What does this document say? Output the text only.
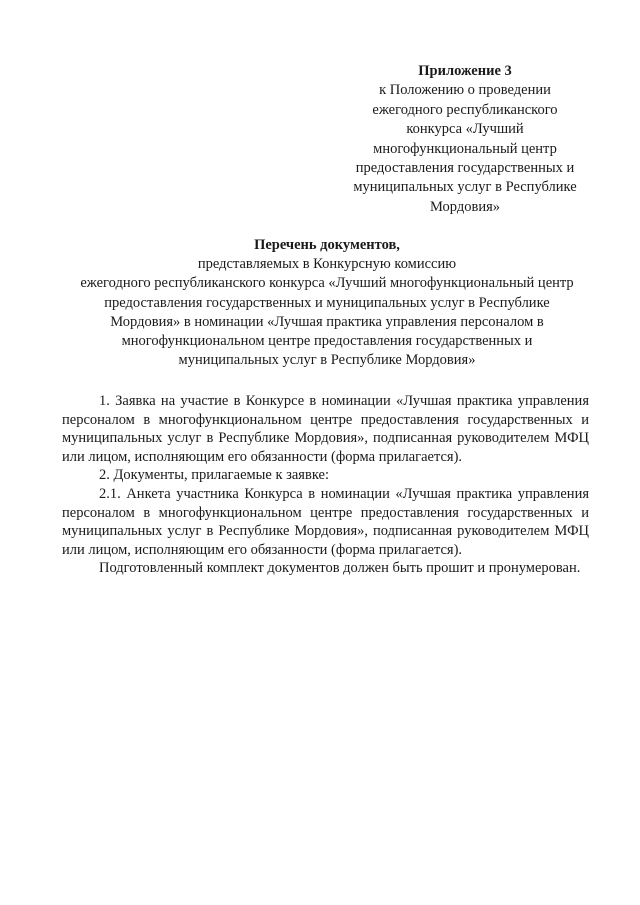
Приложение 3
к Положению о проведении
ежегодного республиканского
конкурса «Лучший
многофункциональный центр
предоставления государственных и
муниципальных услуг в Республике
Мордовия»
Перечень документов,
представляемых в Конкурсную комиссию
ежегодного республиканского конкурса «Лучший многофункциональный центр
предоставления государственных и муниципальных услуг в Республике
Мордовия» в номинации «Лучшая практика управления персоналом в
многофункциональном центре предоставления государственных и
муниципальных услуг в Республике Мордовия»

1. Заявка на участие в Конкурсе в номинации «Лучшая практика управления персоналом в многофункциональном центре предоставления государственных и муниципальных услуг в Республике Мордовия», подписанная руководителем МФЦ или лицом, исполняющим его обязанности (форма прилагается).

2. Документы, прилагаемые к заявке:

2.1. Анкета участника Конкурса в номинации «Лучшая практика управления персоналом в многофункциональном центре предоставления государственных и муниципальных услуг в Республике Мордовия», подписанная руководителем МФЦ или лицом, исполняющим его обязанности (форма прилагается).

Подготовленный комплект документов должен быть прошит и пронумерован.
